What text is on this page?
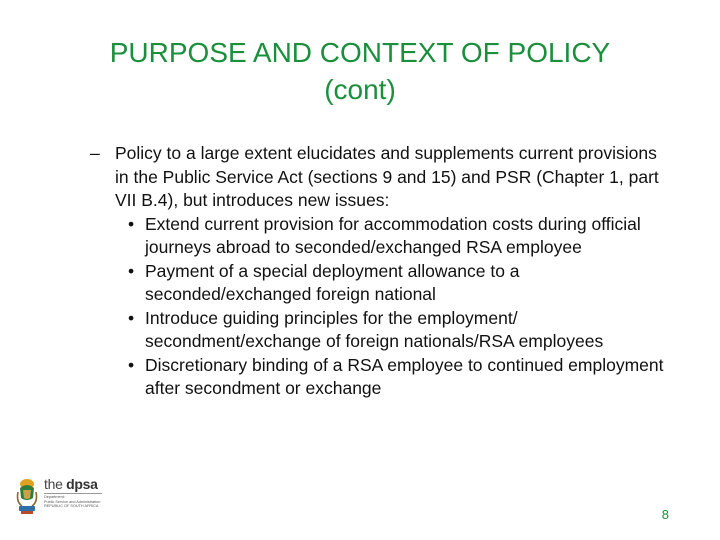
PURPOSE AND CONTEXT OF POLICY
(cont)
– Policy to a large extent elucidates and supplements current provisions in the Public Service Act (sections 9 and 15) and PSR (Chapter 1, part VII B.4), but introduces new issues:
• Extend current provision for accommodation costs during official journeys abroad to seconded/exchanged RSA employee
• Payment of a special deployment allowance to a seconded/exchanged foreign national
• Introduce guiding principles for the employment/ secondment/exchange of foreign nationals/RSA employees
• Discretionary binding of a RSA employee to continued employment after secondment or exchange
the dpsa
Department:
Public Service and Administration
REPUBLIC OF SOUTH AFRICA
8
